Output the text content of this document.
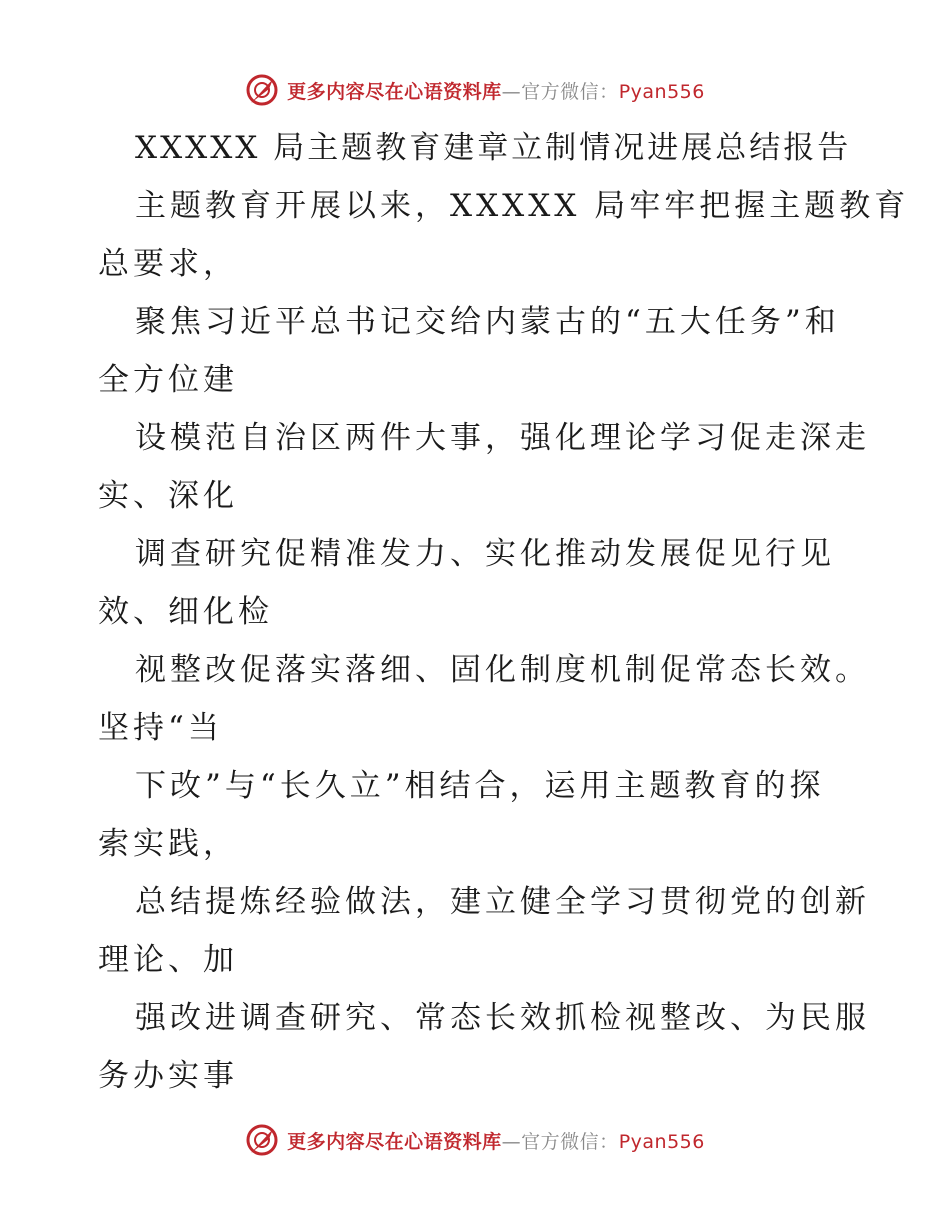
更多内容尽在心语资料库—官方微信：Pyan556
XXXXX 局主题教育建章立制情况进展总结报告
主题教育开展以来，XXXXX 局牢牢把握主题教育
总要求，
聚焦习近平总书记交给内蒙古的“五大任务”和
全方位建
设模范自治区两件大事，强化理论学习促走深走
实、深化
调查研究促精准发力、实化推动发展促见行见
效、细化检
视整改促落实落细、固化制度机制促常态长效。
坚持“当
下改”与“长久立”相结合，运用主题教育的探
索实践，
总结提炼经验做法，建立健全学习贯彻党的创新
理论、加
强改进调查研究、常态长效抓检视整改、为民服
务办实事
更多内容尽在心语资料库—官方微信：Pyan556
